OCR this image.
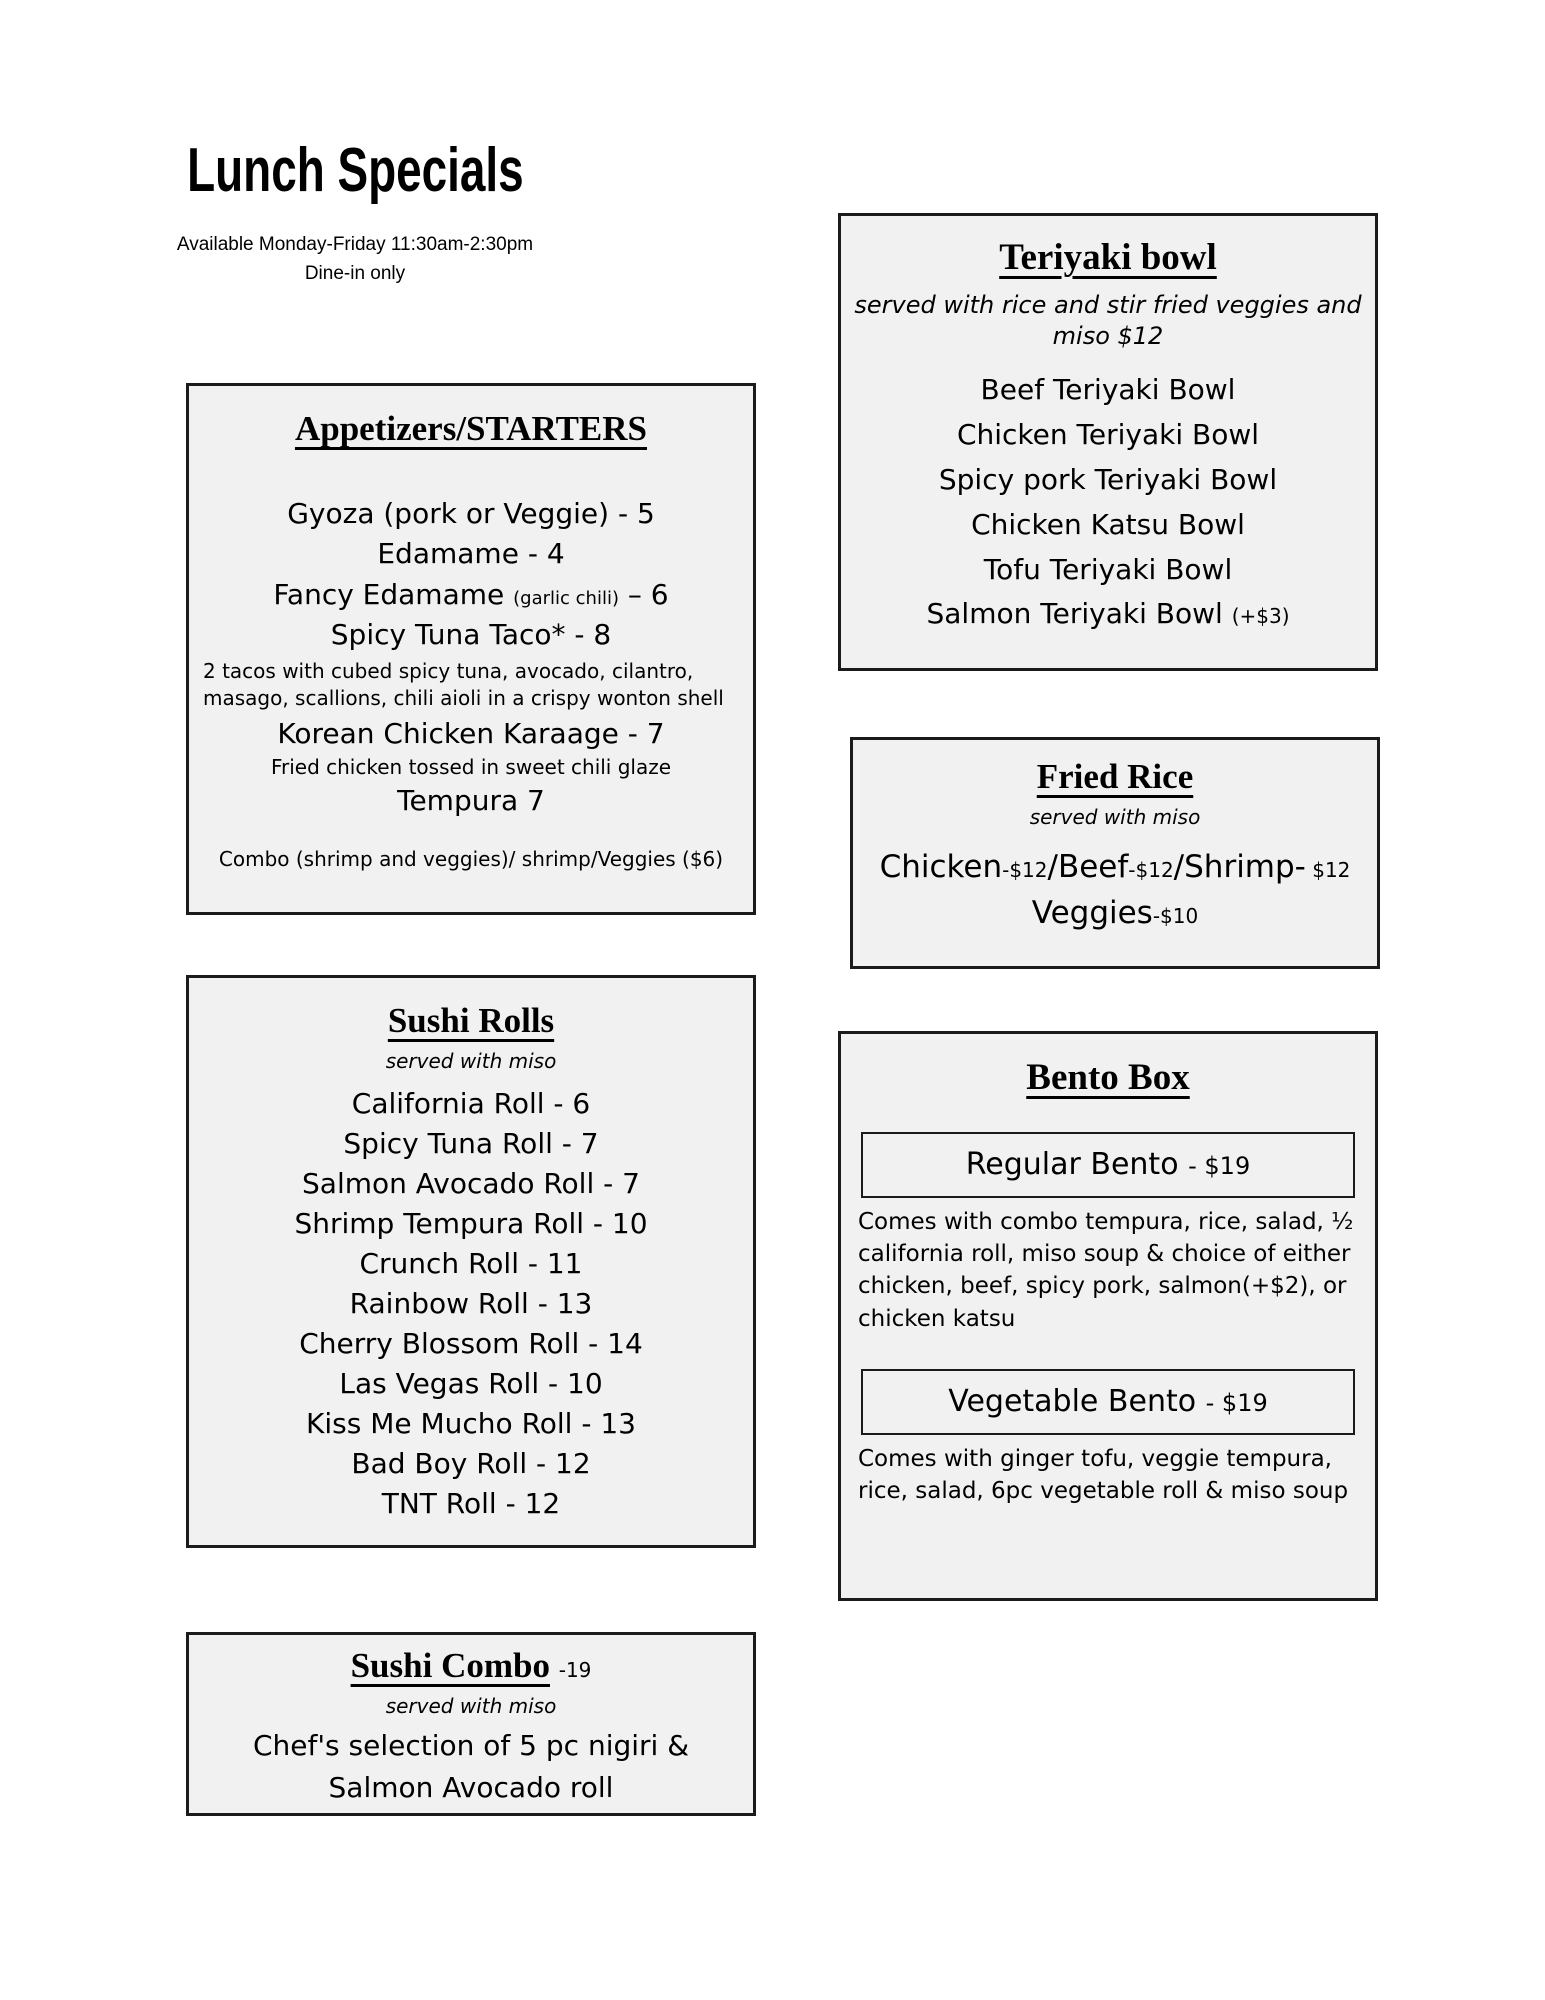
Lunch Specials
Available Monday-Friday 11:30am-2:30pm
Dine-in only
Appetizers/STARTERS

Gyoza (pork or Veggie) - 5

Edamame - 4

Fancy Edamame (garlic chili) – 6

Spicy Tuna Taco* - 8

2 tacos with cubed spicy tuna, avocado, cilantro, masago, scallions, chili aioli in a crispy wonton shell

Korean Chicken Karaage - 7

Fried chicken tossed in sweet chili glaze

Tempura 7

Combo (shrimp and veggies)/ shrimp/Veggies ($6)

Sushi Rolls

served with miso

California Roll - 6

Spicy Tuna Roll - 7

Salmon Avocado Roll - 7

Shrimp Tempura Roll - 10

Crunch Roll - 11

Rainbow Roll - 13

Cherry Blossom Roll - 14

Las Vegas Roll - 10

Kiss Me Mucho Roll - 13

Bad Boy Roll - 12

TNT Roll - 12

Sushi Combo -19

served with miso

Chef's selection of 5 pc nigiri &

Salmon Avocado roll

Teriyaki bowl

served with rice and stir fried veggies and
miso $12

Beef Teriyaki Bowl

Chicken Teriyaki Bowl

Spicy pork Teriyaki Bowl

Chicken Katsu Bowl

Tofu Teriyaki Bowl

Salmon Teriyaki Bowl (+$3)

Fried Rice

served with miso

Chicken-$12/Beef-$12/Shrimp- $12

Veggies-$10

Bento Box
Regular Bento - $19

Comes with combo tempura, rice, salad, ½ california roll, miso soup & choice of either chicken, beef, spicy pork, salmon(+$2), or chicken katsu

Vegetable Bento - $19

Comes with ginger tofu, veggie tempura, rice, salad, 6pc vegetable roll & miso soup
